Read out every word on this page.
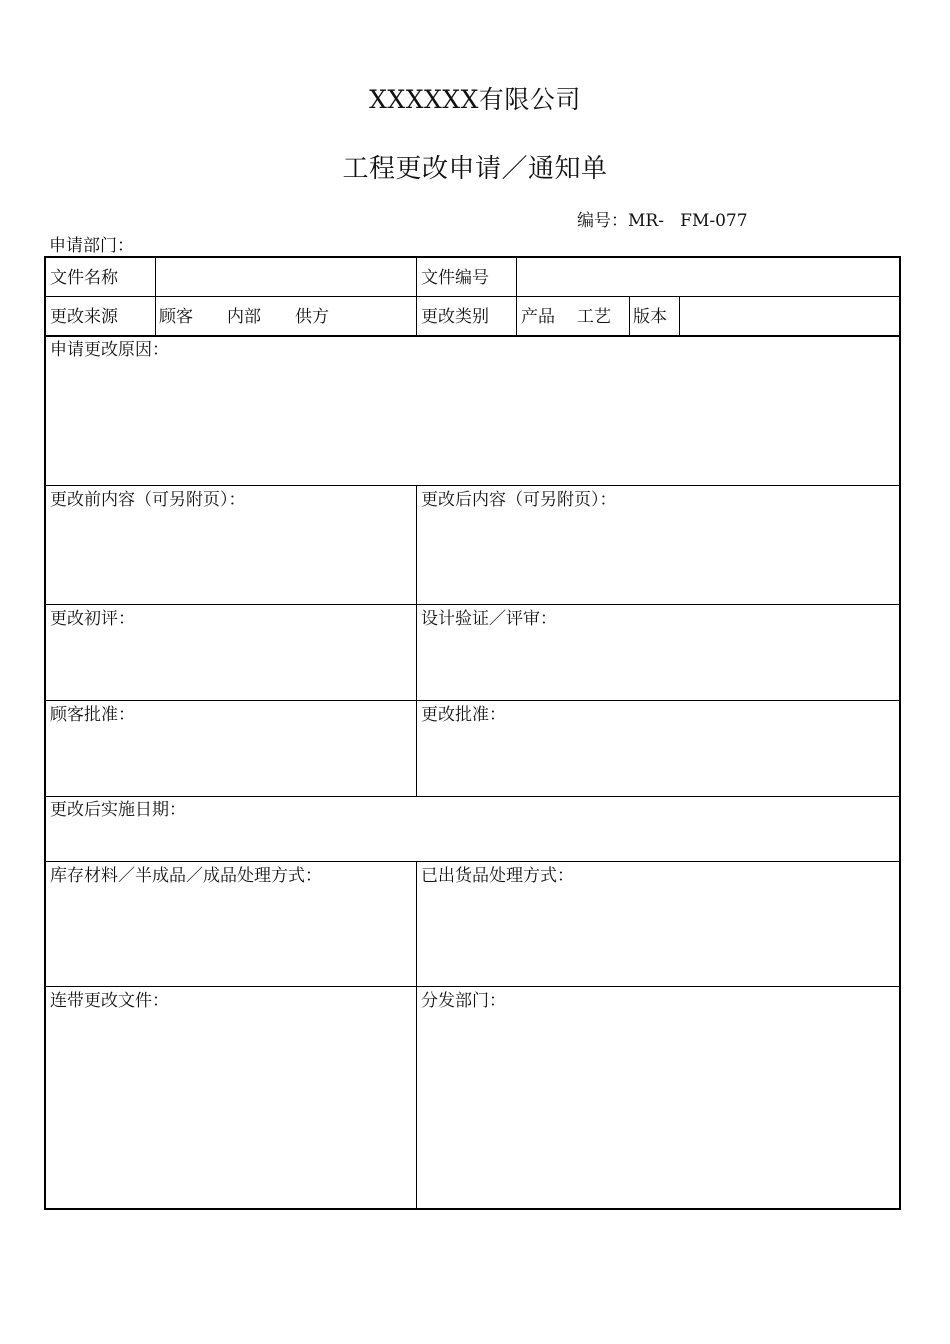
XXXXXX有限公司
工程更改申请／通知单
编号：MR-   FM-077
申请部门：
文件名称	文件编号
更改来源 顾客 内部 供方	更改类别 产品 工艺 版本
申请更改原因：
更改前内容（可另附页）：	更改后内容（可另附页）：
更改初评：	设计验证／评审：
顾客批准：	更改批准：
更改后实施日期：
库存材料／半成品／成品处理方式：	已出货品处理方式：
连带更改文件：	分发部门：
